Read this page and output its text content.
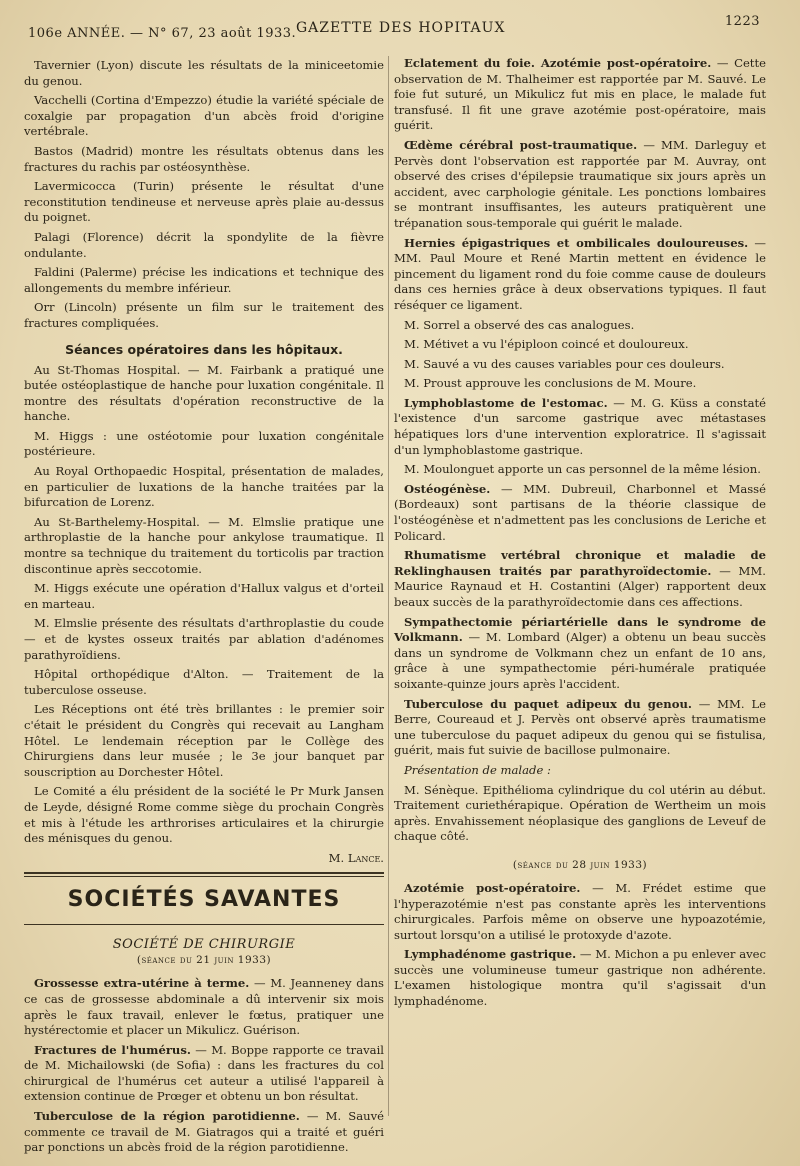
106e ANNÉE. — N° 67, 23 août 1933. GAZETTE DES HOPITAUX	1223

Tavernier (Lyon) discute les résultats de la miniceetomie du genou.

Vacchelli (Cortina d'Empezzo) étudie la variété spéciale de coxalgie par propagation d'un abcès froid d'origine vertébrale.

Bastos (Madrid) montre les résultats obtenus dans les fractures du rachis par ostéosynthèse.

Lavermicocca (Turin) présente le résultat d'une reconstitution tendineuse et nerveuse après plaie au-dessus du poignet.

Palagi (Florence) décrit la spondylite de la fièvre ondulante.

Faldini (Palerme) précise les indications et technique des allongements du membre inférieur.

Orr (Lincoln) présente un film sur le traitement des fractures compliquées.

Séances opératoires dans les hôpitaux.

Au St-Thomas Hospital. — M. Fairbank a pratiqué une butée ostéoplastique de hanche pour luxation congénitale. Il montre des résultats d'opération reconstructive de la hanche.

M. Higgs : une ostéotomie pour luxation congénitale postérieure.

Au Royal Orthopaedic Hospital, présentation de malades, en particulier de luxations de la hanche traitées par la bifurcation de Lorenz.

Au St-Barthelemy-Hospital. — M. Elmslie pratique une arthroplastie de la hanche pour ankylose traumatique. Il montre sa technique du traitement du torticolis par traction discontinue après seccotomie.

M. Higgs exécute une opération d'Hallux valgus et d'orteil en marteau.

M. Elmslie présente des résultats d'arthroplastie du coude — et de kystes osseux traités par ablation d'adénomes parathyroïdiens.

Hôpital orthopédique d'Alton. — Traitement de la tuberculose osseuse.

Les Réceptions ont été très brillantes : le premier soir c'était le président du Congrès qui recevait au Langham Hôtel. Le lendemain réception par le Collège des Chirurgiens dans leur musée ; le 3e jour banquet par souscription au Dorchester Hôtel.

Le Comité a élu président de la société le Pr Murk Jansen de Leyde, désigné Rome comme siège du prochain Congrès et mis à l'étude les arthrorises articulaires et la chirurgie des ménisques du genou.

M. Lance.

SOCIÉTÉS SAVANTES
SOCIÉTÉ DE CHIRURGIE
(séance du 21 juin 1933)

Grossesse extra-utérine à terme. — M. Jeanneney dans ce cas de grossesse abdominale a dû intervenir six mois après le faux travail, enlever le fœtus, pratiquer une hystérectomie et placer un Mikulicz. Guérison.

Fractures de l'humérus. — M. Boppe rapporte ce travail de M. Michailowski (de Sofia) : dans les fractures du col chirurgical de l'humérus cet auteur a utilisé l'appareil à extension continue de Prœger et obtenu un bon résultat.

Tuberculose de la région parotidienne. — M. Sauvé commente ce travail de M. Giatragos qui a traité et guéri par ponctions un abcès froid de la région parotidienne.

Eclatement du foie. Azotémie post-opératoire. — Cette observation de M. Thalheimer est rapportée par M. Sauvé. Le foie fut suturé, un Mikulicz fut mis en place, le malade fut transfusé. Il fit une grave azotémie post-opératoire, mais guérit.

Œdème cérébral post-traumatique. — MM. Darleguy et Pervès dont l'observation est rapportée par M. Auvray, ont observé des crises d'épilepsie traumatique six jours après un accident, avec carphologie génitale. Les ponctions lombaires se montrant insuffisantes, les auteurs pratiquèrent une trépanation sous-temporale qui guérit le malade.

Hernies épigastriques et ombilicales douloureuses. — MM. Paul Moure et René Martin mettent en évidence le pincement du ligament rond du foie comme cause de douleurs dans ces hernies grâce à deux observations typiques. Il faut réséquer ce ligament.

M. Sorrel a observé des cas analogues.

M. Métivet a vu l'épiploon coincé et douloureux.

M. Sauvé a vu des causes variables pour ces douleurs.

M. Proust approuve les conclusions de M. Moure.

Lymphoblastome de l'estomac. — M. G. Küss a constaté l'existence d'un sarcome gastrique avec métastases hépatiques lors d'une intervention exploratrice. Il s'agissait d'un lymphoblastome gastrique.

M. Moulonguet apporte un cas personnel de la même lésion.

Ostéogénèse. — MM. Dubreuil, Charbonnel et Massé (Bordeaux) sont partisans de la théorie classique de l'ostéogénèse et n'admettent pas les conclusions de Leriche et Policard.

Rhumatisme vertébral chronique et maladie de Reklinghausen traités par parathyroïdectomie. — MM. Maurice Raynaud et H. Costantini (Alger) rapportent deux beaux succès de la parathyroïdectomie dans ces affections.

Sympathectomie périartérielle dans le syndrome de Volkmann. — M. Lombard (Alger) a obtenu un beau succès dans un syndrome de Volkmann chez un enfant de 10 ans, grâce à une sympathectomie péri-humérale pratiquée soixante-quinze jours après l'accident.

Tuberculose du paquet adipeux du genou. — MM. Le Berre, Coureaud et J. Pervès ont observé après traumatisme une tuberculose du paquet adipeux du genou qui se fistulisa, guérit, mais fut suivie de bacillose pulmonaire.

Présentation de malade :

M. Sénèque. Epithélioma cylindrique du col utérin au début. Traitement curiethérapique. Opération de Wertheim un mois après. Envahissement néoplasique des ganglions de Leveuf de chaque côté.

(séance du 28 juin 1933)

Azotémie post-opératoire. — M. Frédet estime que l'hyperazotémie n'est pas constante après les interventions chirurgicales. Parfois même on observe une hypoazotémie, surtout lorsqu'on a utilisé le protoxyde d'azote.

Lymphadénome gastrique. — M. Michon a pu enlever avec succès une volumineuse tumeur gastrique non adhérente. L'examen histologique montra qu'il s'agissait d'un lymphadénome.
